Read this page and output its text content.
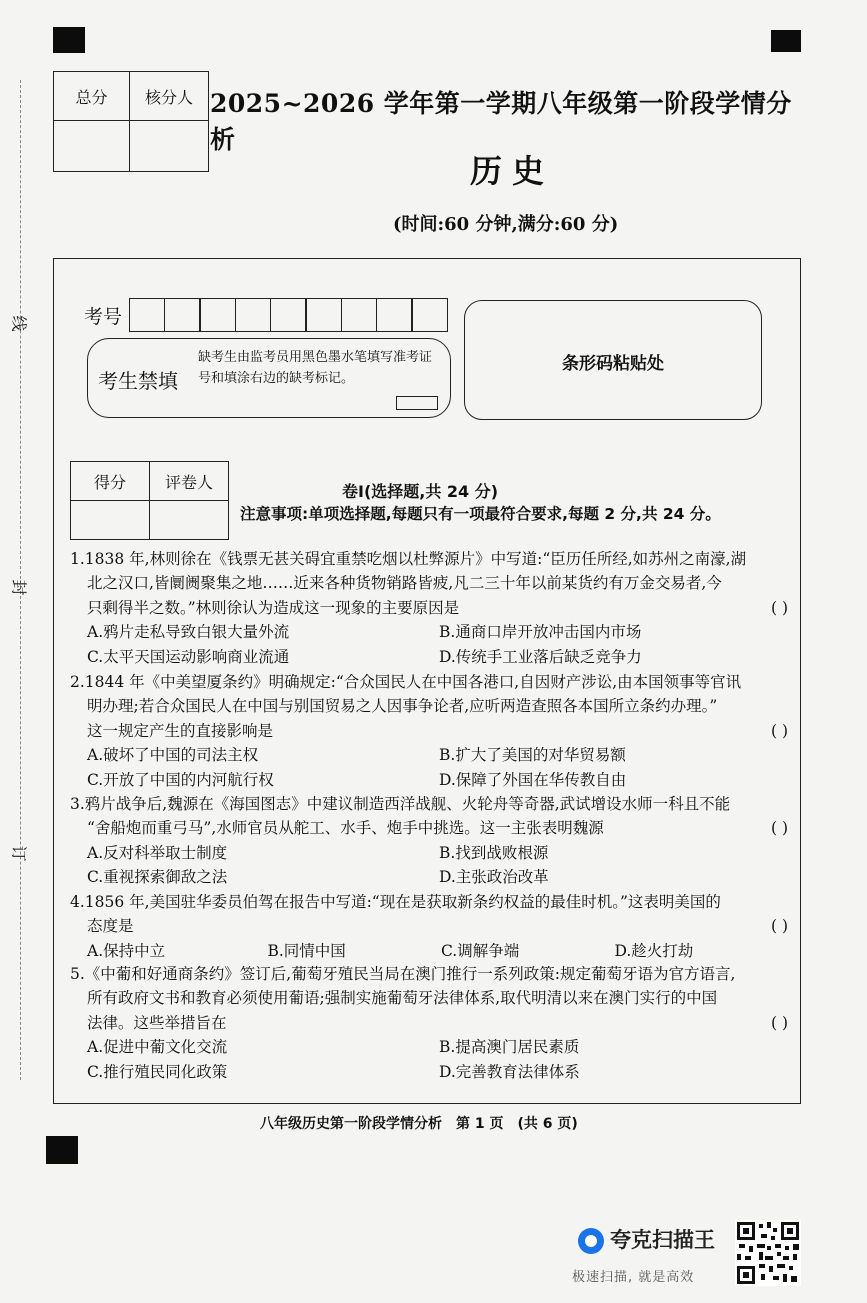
线
封
订
总分	核分人
	2025~2026 学年第一学期八年级第一阶段学情分析
历史
(时间:60 分钟,满分:60 分)
考号
考生禁填
缺考生由监考员用黑色墨水笔填写准考证号和填涂右边的缺考标记。
条形码粘贴处
得分	评卷人
		卷Ⅰ(选择题,共 24 分)
注意事项:单项选择题,每题只有一项最符合要求,每题 2 分,共 24 分。

1.1838 年,林则徐在《钱票无甚关碍宜重禁吃烟以杜弊源片》中写道:“臣历任所经,如苏州之南濠,湖

北之汉口,皆阛阓聚集之地……近来各种货物销路皆疲,凡二三十年以前某货约有万金交易者,今

只剩得半之数。”林则徐认为造成这一现象的主要原因是	( )

A.鸦片走私导致白银大量外流	B.通商口岸开放冲击国内市场
C.太平天国运动影响商业流通	D.传统手工业落后缺乏竞争力

2.1844 年《中美望厦条约》明确规定:“合众国民人在中国各港口,自因财产涉讼,由本国领事等官讯

明办理;若合众国民人在中国与别国贸易之人因事争论者,应听两造查照各本国所立条约办理。”

这一规定产生的直接影响是	( )

A.破坏了中国的司法主权	B.扩大了美国的对华贸易额
C.开放了中国的内河航行权	D.保障了外国在华传教自由

3.鸦片战争后,魏源在《海国图志》中建议制造西洋战舰、火轮舟等奇器,武试增设水师一科且不能

“舍船炮而重弓马”,水师官员从舵工、水手、炮手中挑选。这一主张表明魏源	( )

A.反对科举取士制度	B.找到战败根源
C.重视探索御敌之法	D.主张政治改革

4.1856 年,美国驻华委员伯驾在报告中写道:“现在是获取新条约权益的最佳时机。”这表明美国的

态度是	( )

A.保持中立	B.同情中国	C.调解争端	D.趁火打劫

5.《中葡和好通商条约》签订后,葡萄牙殖民当局在澳门推行一系列政策:规定葡萄牙语为官方语言,

所有政府文书和教育必须使用葡语;强制实施葡萄牙法律体系,取代明清以来在澳门实行的中国

法律。这些举措旨在	( )

A.促进中葡文化交流	B.提高澳门居民素质
C.推行殖民同化政策	D.完善教育法律体系
八年级历史第一阶段学情分析　第 1 页　(共 6 页)
夸克扫描王
极速扫描, 就是高效
